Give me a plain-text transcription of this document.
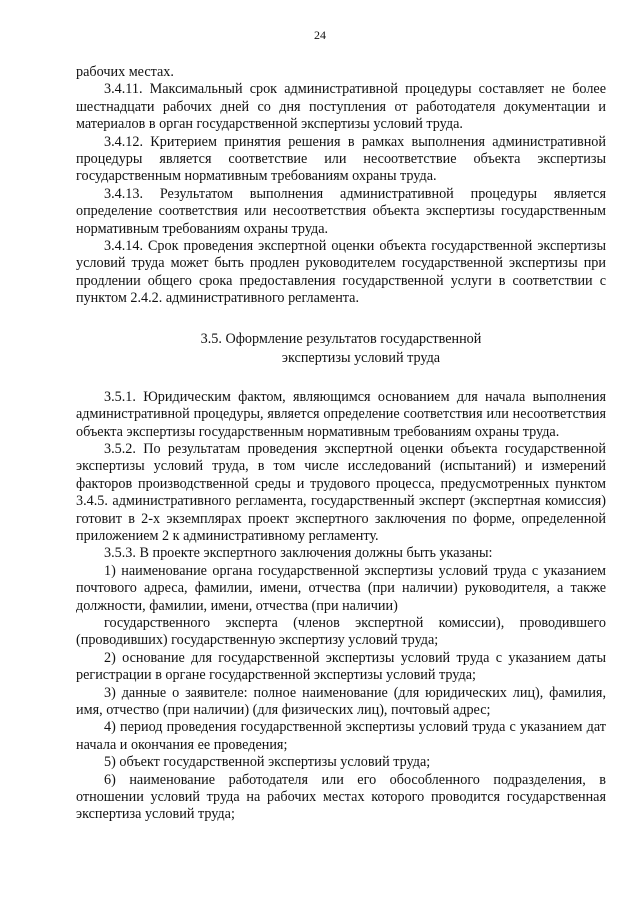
24

рабочих местах.

3.4.11. Максимальный срок административной процедуры составляет не более шестнадцати рабочих дней со дня поступления от работодателя документации и материалов в орган государственной экспертизы условий труда.

3.4.12. Критерием принятия решения в рамках выполнения административной процедуры является соответствие или несоответствие объекта экспертизы государственным нормативным требованиям охраны труда.

3.4.13. Результатом выполнения административной процедуры является определение соответствия или несоответствия объекта экспертизы государственным нормативным требованиям охраны труда.

3.4.14. Срок проведения экспертной оценки объекта государственной экспертизы условий труда может быть продлен руководителем государственной экспертизы при продлении общего срока предоставления государственной услуги в соответствии с пунктом 2.4.2. административного регламента.

3.5. Оформление результатов государственной
экспертизы условий труда

3.5.1. Юридическим фактом, являющимся основанием для начала выполнения административной процедуры, является определение соответствия или несоответствия объекта экспертизы государственным нормативным требованиям охраны труда.

3.5.2. По результатам проведения экспертной оценки объекта государственной экспертизы условий труда, в том числе исследований (испытаний) и измерений факторов производственной среды и трудового процесса, предусмотренных пунктом 3.4.5. административного регламента, государственный эксперт (экспертная комиссия) готовит в 2-х экземплярах проект экспертного заключения по форме, определенной приложением 2 к административному регламенту.

3.5.3. В проекте экспертного заключения должны быть указаны:

1) наименование органа государственной экспертизы условий труда с указанием почтового адреса, фамилии, имени, отчества (при наличии) руководителя, а также должности, фамилии, имени, отчества (при наличии)

государственного эксперта (членов экспертной комиссии), проводившего (проводивших) государственную экспертизу условий труда;

2) основание для государственной экспертизы условий труда с указанием даты регистрации в органе государственной экспертизы условий труда;

3) данные о заявителе: полное наименование (для юридических лиц), фамилия, имя, отчество (при наличии) (для физических лиц), почтовый адрес;

4) период проведения государственной экспертизы условий труда с указанием дат начала и окончания ее проведения;

5) объект государственной экспертизы условий труда;

6) наименование работодателя или его обособленного подразделения, в отношении условий труда на рабочих местах которого проводится государственная экспертиза условий труда;
